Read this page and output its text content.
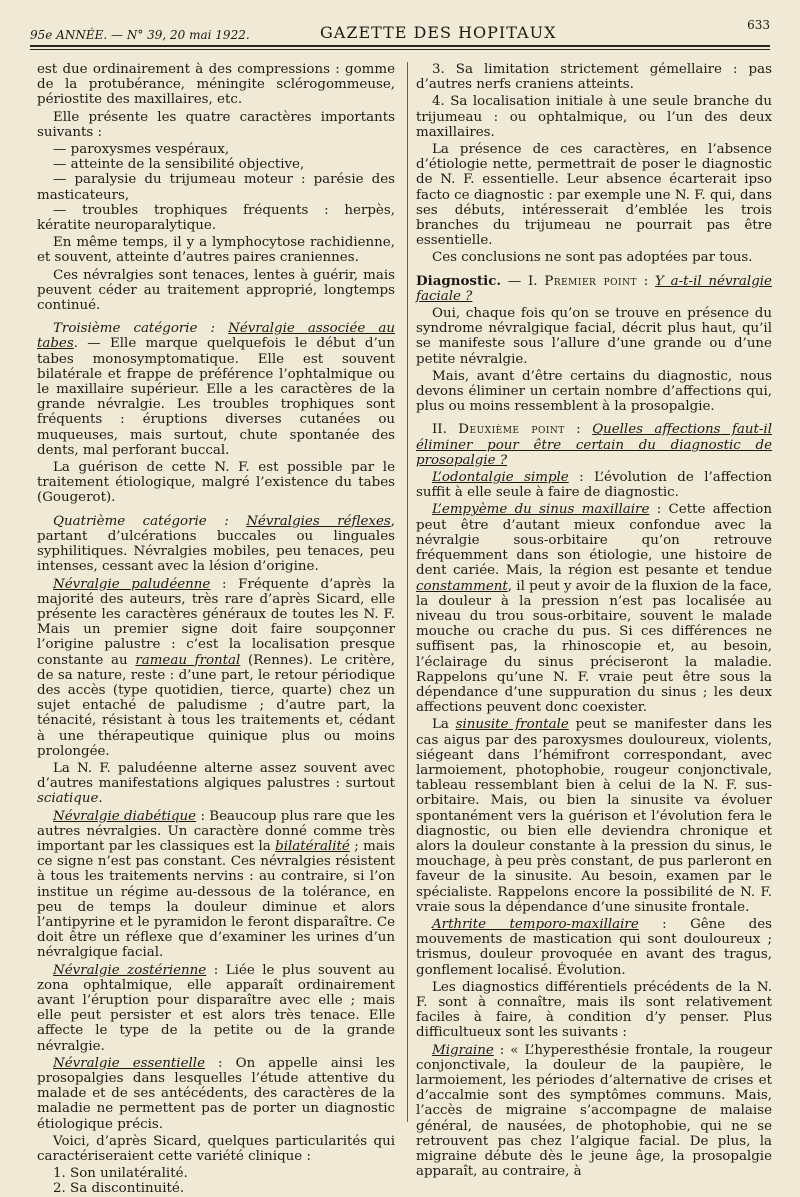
95e ANNÉE. — N° 39, 20 mai 1922.	GAZETTE DES HOPITAUX	633

est due ordinairement à des compressions : gomme de la protubérance, méningite sclérogommeuse, périostite des maxillaires, etc.

Elle présente les quatre caractères importants suivants :

— paroxysmes vespéraux,

— atteinte de la sensibilité objective,

— paralysie du trijumeau moteur : parésie des masticateurs,

— troubles trophiques fréquents : herpès, kératite neuroparalytique.

En même temps, il y a lymphocytose rachidienne, et souvent, atteinte d’autres paires craniennes.

Ces névralgies sont tenaces, lentes à guérir, mais peuvent céder au traitement approprié, longtemps continué.

Troisième catégorie : Névralgie associée au tabes. — Elle marque quelquefois le début d’un tabes monosymptomatique. Elle est souvent bilatérale et frappe de préférence l’ophtalmique ou le maxillaire supérieur. Elle a les caractères de la grande névralgie. Les troubles trophiques sont fréquents : éruptions diverses cutanées ou muqueuses, mais surtout, chute spontanée des dents, mal perforant buccal.

La guérison de cette N. F. est possible par le traitement étiologique, malgré l’existence du tabes (Gougerot).

Quatrième catégorie : Névralgies réflexes, partant d’ulcérations buccales ou linguales syphilitiques. Névralgies mobiles, peu tenaces, peu intenses, cessant avec la lésion d’origine.

Névralgie paludéenne : Fréquente d’après la majorité des auteurs, très rare d’après Sicard, elle présente les caractères généraux de toutes les N. F. Mais un premier signe doit faire soupçonner l’origine palustre : c’est la localisation presque constante au rameau frontal (Rennes). Le critère, de sa nature, reste : d’une part, le retour périodique des accès (type quotidien, tierce, quarte) chez un sujet entaché de paludisme ; d’autre part, la ténacité, résistant à tous les traitements et, cédant à une thérapeutique quinique plus ou moins prolongée.

La N. F. paludéenne alterne assez souvent avec d’autres manifestations algiques palustres : surtout sciatique.

Névralgie diabétique : Beaucoup plus rare que les autres névralgies. Un caractère donné comme très important par les classiques est la bilatéralité ; mais ce signe n’est pas constant. Ces névralgies résistent à tous les traitements nervins : au contraire, si l’on institue un régime au-dessous de la tolérance, en peu de temps la douleur diminue et alors l’antipyrine et le pyramidon le feront disparaître. Ce doit être un réflexe que d’examiner les urines d’un névralgique facial.

Névralgie zostérienne : Liée le plus souvent au zona ophtalmique, elle apparaît ordinairement avant l’éruption pour disparaître avec elle ; mais elle peut persister et est alors très tenace. Elle affecte le type de la petite ou de la grande névralgie.

Névralgie essentielle : On appelle ainsi les prosopalgies dans lesquelles l’étude attentive du malade et de ses antécédents, des caractères de la maladie ne permettent pas de porter un diagnostic étiologique précis.

Voici, d’après Sicard, quelques particularités qui caractériseraient cette variété clinique :

1. Son unilatéralité.

2. Sa discontinuité.

3. Sa limitation strictement gémellaire : pas d’autres nerfs craniens atteints.

4. Sa localisation initiale à une seule branche du trijumeau : ou ophtalmique, ou l’un des deux maxillaires.

La présence de ces caractères, en l’absence d’étiologie nette, permettrait de poser le diagnostic de N. F. essentielle. Leur absence écarterait ipso facto ce diagnostic : par exemple une N. F. qui, dans ses débuts, intéresserait d’emblée les trois branches du trijumeau ne pourrait pas être essentielle.

Ces conclusions ne sont pas adoptées par tous.

Diagnostic. — I. Premier point : Y a-t-il névralgie faciale ?

Oui, chaque fois qu’on se trouve en présence du syndrome névralgique facial, décrit plus haut, qu’il se manifeste sous l’allure d’une grande ou d’une petite névralgie.

Mais, avant d’être certains du diagnostic, nous devons éliminer un certain nombre d’affections qui, plus ou moins ressemblent à la prosopalgie.

II. Deuxième point : Quelles affections faut-il éliminer pour être certain du diagnostic de prosopalgie ?

L’odontalgie simple : L’évolution de l’affection suffit à elle seule à faire de diagnostic.

L’empyème du sinus maxillaire : Cette affection peut être d’autant mieux confondue avec la névralgie sous-orbitaire qu’on retrouve fréquemment dans son étiologie, une histoire de dent cariée. Mais, la région est pesante et tendue constamment, il peut y avoir de la fluxion de la face, la douleur à la pression n’est pas localisée au niveau du trou sous-orbitaire, souvent le malade mouche ou crache du pus. Si ces différences ne suffisent pas, la rhinoscopie et, au besoin, l’éclairage du sinus préciseront la maladie. Rappelons qu’une N. F. vraie peut être sous la dépendance d’une suppuration du sinus ; les deux affections peuvent donc coexister.

La sinusite frontale peut se manifester dans les cas aigus par des paroxysmes douloureux, violents, siégeant dans l’hémifront correspondant, avec larmoiement, photophobie, rougeur conjonctivale, tableau ressemblant bien à celui de la N. F. sus-orbitaire. Mais, ou bien la sinusite va évoluer spontanément vers la guérison et l’évolution fera le diagnostic, ou bien elle deviendra chronique et alors la douleur constante à la pression du sinus, le mouchage, à peu près constant, de pus parleront en faveur de la sinusite. Au besoin, examen par le spécialiste. Rappelons encore la possibilité de N. F. vraie sous la dépendance d’une sinusite frontale.

Arthrite temporo-maxillaire : Gêne des mouvements de mastication qui sont douloureux ; trismus, douleur provoquée en avant des tragus, gonflement localisé. Évolution.

Les diagnostics différentiels précédents de la N. F. sont à connaître, mais ils sont relativement faciles à faire, à condition d’y penser. Plus difficultueux sont les suivants :

Migraine : « L’hyperesthésie frontale, la rougeur conjonctivale, la douleur de la paupière, le larmoiement, les périodes d’alternative de crises et d’accalmie sont des symptômes communs. Mais, l’accès de migraine s’accompagne de malaise général, de nausées, de photophobie, qui ne se retrouvent pas chez l’algique facial. De plus, la migraine débute dès le jeune âge, la prosopalgie apparaît, au contraire, à
